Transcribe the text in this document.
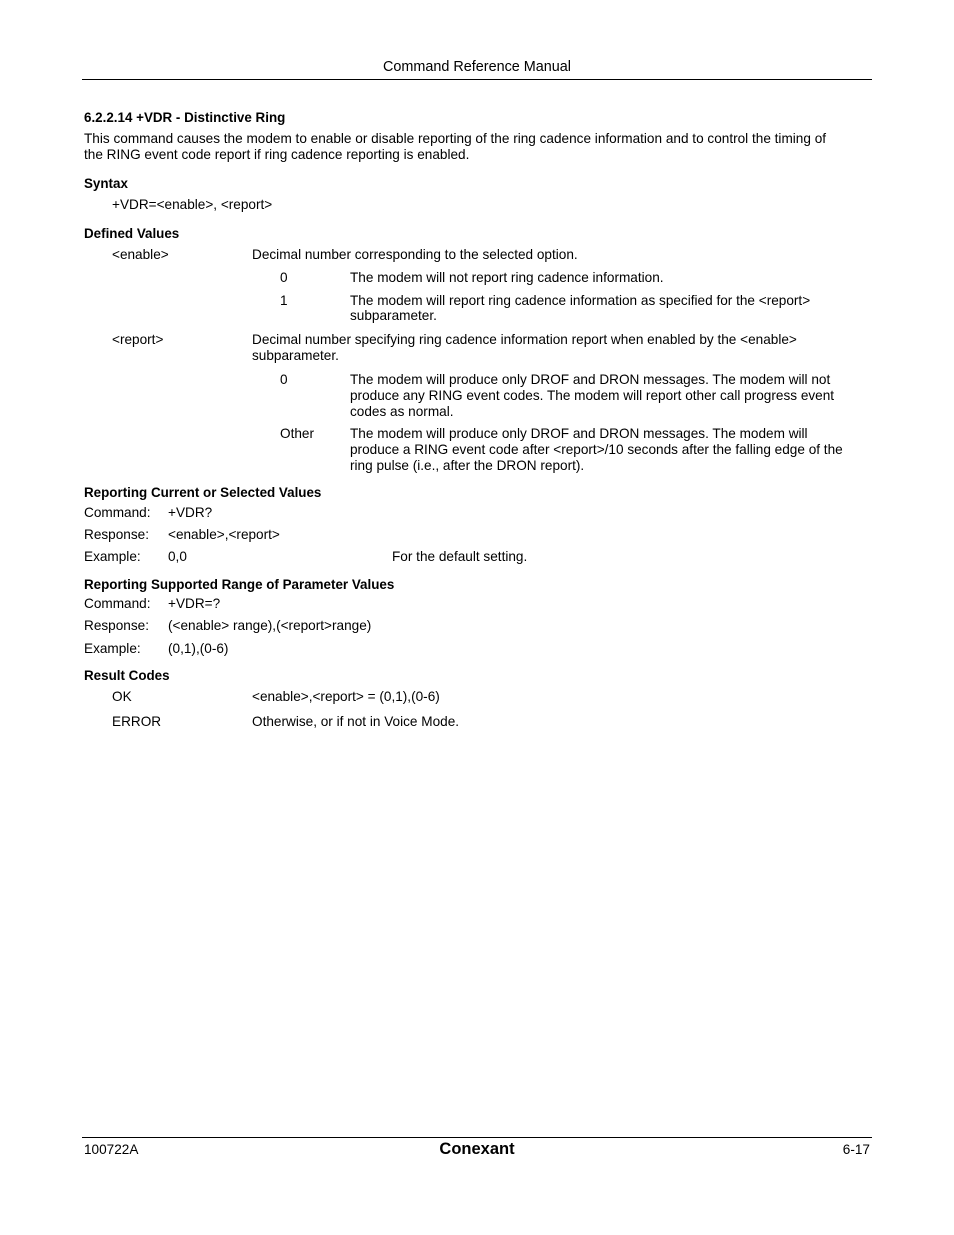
Command Reference Manual
6.2.2.14 +VDR - Distinctive Ring
This command causes the modem to enable or disable reporting of the ring cadence information and to control the timing of
the RING event code report if ring cadence reporting is enabled.
Syntax
+VDR=<enable>, <report>
Defined Values
<enable>	Decimal number corresponding to the selected option.
0	The modem will not report ring cadence information.
1	The modem will report ring cadence information as specified for the <report>
subparameter.
<report>	Decimal number specifying ring cadence information report when enabled by the <enable>
subparameter.
0	The modem will produce only DROF and DRON messages. The modem will not
produce any RING event codes. The modem will report other call progress event
codes as normal.
Other	The modem will produce only DROF and DRON messages. The modem will
produce a RING event code after <report>/10 seconds after the falling edge of the
ring pulse (i.e., after the DRON report).
Reporting Current or Selected Values
Command: +VDR?
Response: <enable>,<report>
Example: 0,0	For the default setting.
Reporting Supported Range of Parameter Values
Command: +VDR=?
Response: (<enable> range),(<report>range)
Example: (0,1),(0-6)
Result Codes
OK	<enable>,<report> = (0,1),(0-6)
ERROR	Otherwise, or if not in Voice Mode.
100722A	Conexant	6-17
